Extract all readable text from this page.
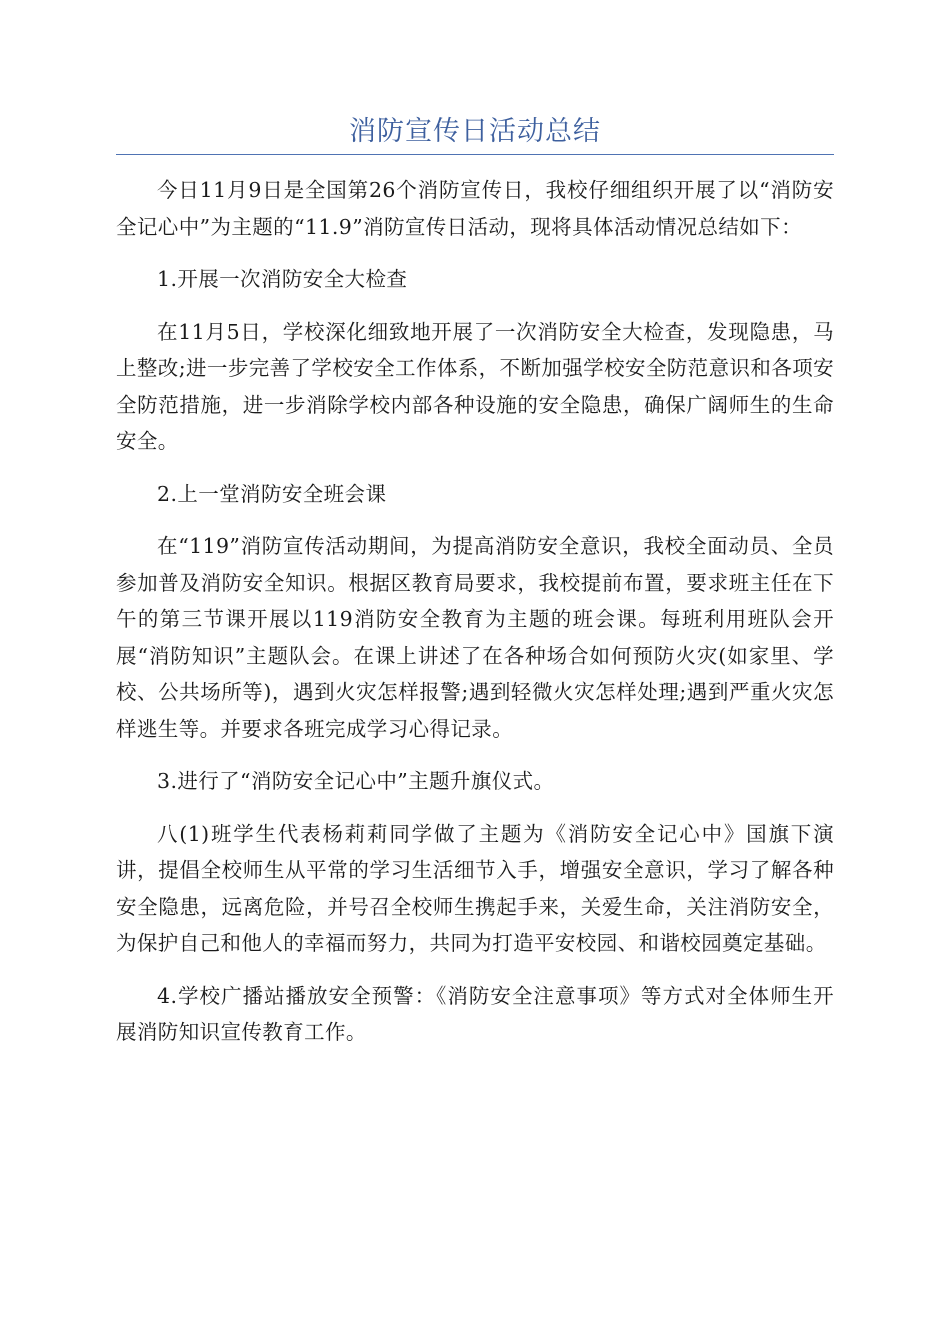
消防宣传日活动总结

今日11月9日是全国第26个消防宣传日，我校仔细组织开展了以“消防安全记心中”为主题的“11.9”消防宣传日活动，现将具体活动情况总结如下：

1.开展一次消防安全大检查

在11月5日，学校深化细致地开展了一次消防安全大检查，发现隐患，马上整改;进一步完善了学校安全工作体系，不断加强学校安全防范意识和各项安全防范措施，进一步消除学校内部各种设施的安全隐患，确保广阔师生的生命安全。

2.上一堂消防安全班会课

在“119”消防宣传活动期间，为提高消防安全意识，我校全面动员、全员参加普及消防安全知识。根据区教育局要求，我校提前布置，要求班主任在下午的第三节课开展以119消防安全教育为主题的班会课。每班利用班队会开展“消防知识”主题队会。在课上讲述了在各种场合如何预防火灾(如家里、学校、公共场所等)，遇到火灾怎样报警;遇到轻微火灾怎样处理;遇到严重火灾怎样逃生等。并要求各班完成学习心得记录。

3.进行了“消防安全记心中”主题升旗仪式。

八(1)班学生代表杨莉莉同学做了主题为《消防安全记心中》国旗下演讲，提倡全校师生从平常的学习生活细节入手，增强安全意识，学习了解各种安全隐患，远离危险，并号召全校师生携起手来，关爱生命，关注消防安全，为保护自己和他人的幸福而努力，共同为打造平安校园、和谐校园奠定基础。

4.学校广播站播放安全预警：《消防安全注意事项》等方式对全体师生开展消防知识宣传教育工作。
